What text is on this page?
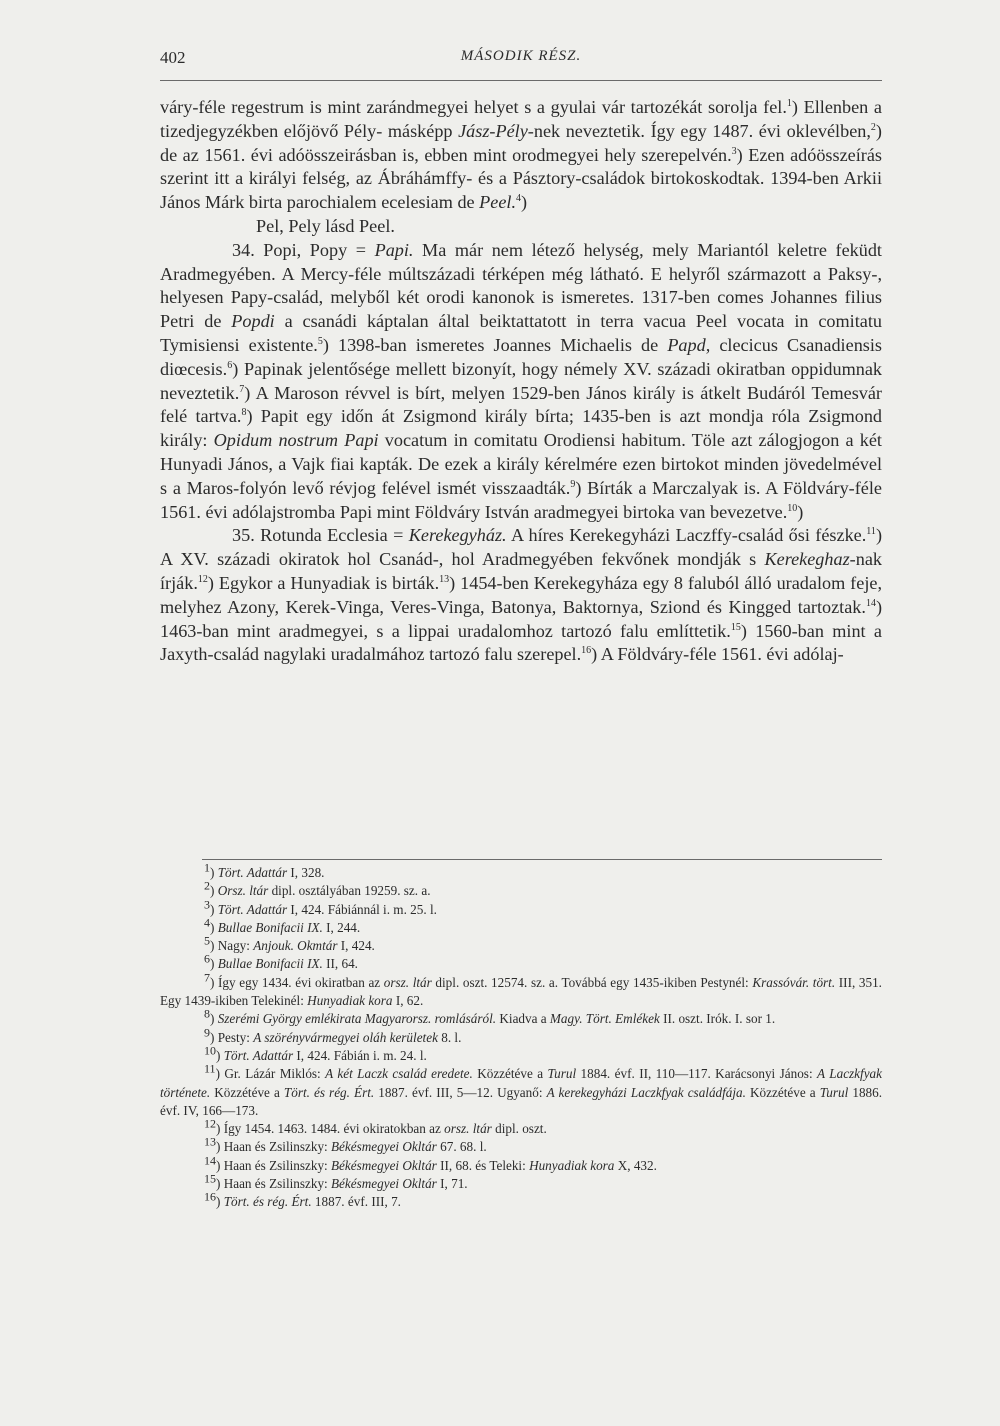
402	MÁSODIK RÉSZ.

váry-féle regestrum is mint zarándmegyei helyet s a gyulai vár tartozékát sorolja fel.$^1$) Ellenben a tizedjegyzékben előjövő Pély- másképp Jász-Pély-nek neveztetik. Így egy 1487. évi oklevélben,$^2$) de az 1561. évi adóösszeirásban is, ebben mint orodmegyei hely szerepelvén.$^3$) Ezen adóösszeírás szerint itt a királyi felség, az Ábráhámffy- és a Pásztory-családok birtokoskodtak. 1394-ben Arkii János Márk birta parochialem ecelesiam de Peel.$^4$)

Pel, Pely lásd Peel.

34. Popi, Popy = Papi. Ma már nem létező helység, mely Mariantól keletre feküdt Aradmegyében. A Mercy-féle múltszázadi térképen még látható. E helyről származott a Paksy-, helyesen Papy-család, melyből két orodi kanonok is ismeretes. 1317-ben comes Johannes filius Petri de Popdi a csanádi káptalan által beiktattatott in terra vacua Peel vocata in comitatu Tymisiensi existente.$^5$) 1398-ban ismeretes Joannes Michaelis de Papd, clecicus Csanadiensis diœcesis.$^6$) Papinak jelentősége mellett bizonyít, hogy némely XV. századi okiratban oppidumnak neveztetik.$^7$) A Maroson révvel is bírt, melyen 1529-ben János király is átkelt Budáról Temesvár felé tartva.$^8$) Papit egy időn át Zsigmond király bírta; 1435-ben is azt mondja róla Zsigmond király: Opidum nostrum Papi vocatum in comitatu Orodiensi habitum. Töle azt zálogjogon a két Hunyadi János, a Vajk fiai kapták. De ezek a király kérelmére ezen birtokot minden jövedelmével s a Maros-folyón levő révjog felével ismét visszaadták.$^9$) Bírták a Marczalyak is. A Földváry-féle 1561. évi adólajstromba Papi mint Földváry István aradmegyei birtoka van bevezetve.$^{10}$)

35. Rotunda Ecclesia = Kerekegyház. A híres Kerekegyházi Laczffy-család ősi fészke.$^{11}$) A XV. századi okiratok hol Csanád-, hol Aradmegyében fekvőnek mondják s Kerekeghaz-nak írják.$^{12}$) Egykor a Hunyadiak is birták.$^{13}$) 1454-ben Kerekegyháza egy 8 faluból álló uradalom feje, melyhez Azony, Kerek-Vinga, Veres-Vinga, Batonya, Baktornya, Sziond és Kingged tartoztak.$^{14}$) 1463-ban mint aradmegyei, s a lippai uradalomhoz tartozó falu említtetik.$^{15}$) 1560-ban mint a Jaxyth-család nagylaki uradalmához tartozó falu szerepel.$^{16}$) A Földváry-féle 1561. évi adólaj-

$^1$) Tört. Adattár I, 328.

$^2$) Orsz. ltár dipl. osztályában 19259. sz. a.

$^3$) Tört. Adattár I, 424. Fábiánnál i. m. 25. l.

$^4$) Bullae Bonifacii IX. I, 244.

$^5$) Nagy: Anjouk. Okmtár I, 424.

$^6$) Bullae Bonifacii IX. II, 64.

$^7$) Így egy 1434. évi okiratban az orsz. ltár dipl. oszt. 12574. sz. a. Továbbá egy 1435-ikiben Pestynél: Krassóvár. tört. III, 351. Egy 1439-ikiben Telekinél: Hunyadiak kora I, 62.

$^8$) Szerémi György emlékirata Magyarorsz. romlásáról. Kiadva a Magy. Tört. Emlékek II. oszt. Irók. I. sor 1.

$^9$) Pesty: A szörényvármegyei oláh kerületek 8. l.

$^{10}$) Tört. Adattár I, 424. Fábián i. m. 24. l.

$^{11}$) Gr. Lázár Miklós: A két Laczk család eredete. Közzétéve a Turul 1884. évf. II, 110—117. Karácsonyi János: A Laczkfyak története. Közzétéve a Tört. és rég. Ért. 1887. évf. III, 5—12. Ugyanő: A kerekegyházi Laczkfyak családfája. Közzétéve a Turul 1886. évf. IV, 166—173.

$^{12}$) Így 1454. 1463. 1484. évi okiratokban az orsz. ltár dipl. oszt.

$^{13}$) Haan és Zsilinszky: Békésmegyei Okltár 67. 68. l.

$^{14}$) Haan és Zsilinszky: Békésmegyei Okltár II, 68. és Teleki: Hunyadiak kora X, 432.

$^{15}$) Haan és Zsilinszky: Békésmegyei Okltár I, 71.

$^{16}$) Tört. és rég. Ért. 1887. évf. III, 7.
